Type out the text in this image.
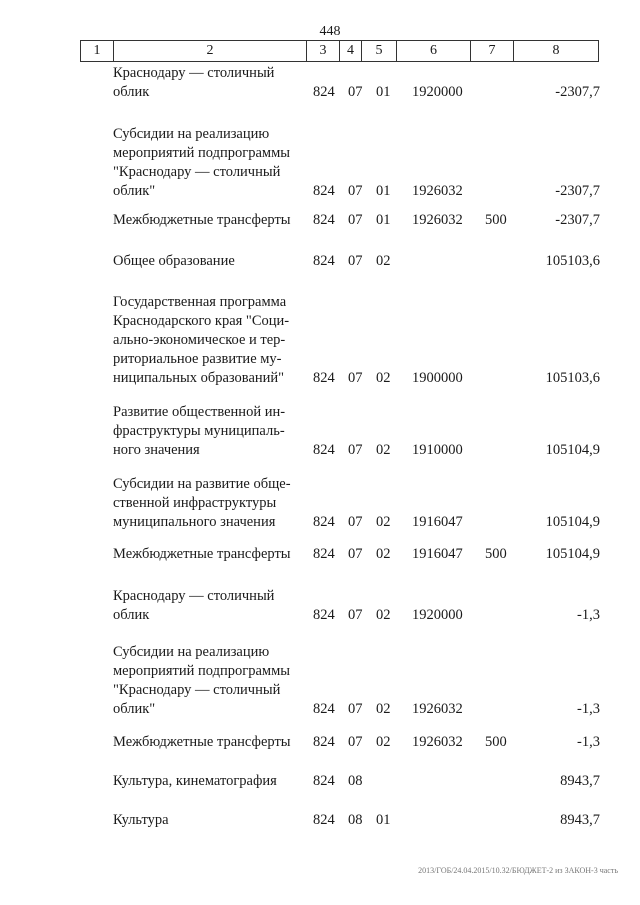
448
1	2	3	4	5	6	7	8
Краснодару — столичный
облик	824 07 01 1920000	-2307,7
Субсидии на реализацию
мероприятий подпрограммы
"Краснодару — столичный
облик"	824 07 01 1926032	-2307,7
Межбюджетные трансферты	824 07 01 1926032 500	-2307,7
Общее образование	824 07 02	105103,6
Государственная программа
Краснодарского края "Соци-
ально-экономическое и тер-
риториальное развитие му-
ниципальных образований"	824 07 02 1900000	105103,6
Развитие общественной ин-
фраструктуры муниципаль-
ного значения	824 07 02 1910000	105104,9
Субсидии на развитие обще-
ственной инфраструктуры
муниципального значения	824 07 02 1916047	105104,9
Межбюджетные трансферты	824 07 02 1916047 500	105104,9
Краснодару — столичный
облик	824 07 02 1920000	-1,3
Субсидии на реализацию
мероприятий подпрограммы
"Краснодару — столичный
облик"	824 07 02 1926032	-1,3
Межбюджетные трансферты	824 07 02 1926032 500	-1,3
Культура, кинематография	824 08	8943,7
Культура	824 08 01	8943,7
2013/ГОБ/24.04.2015/10.32/БЮДЖЕТ-2 из ЗАКОН-3 часть
